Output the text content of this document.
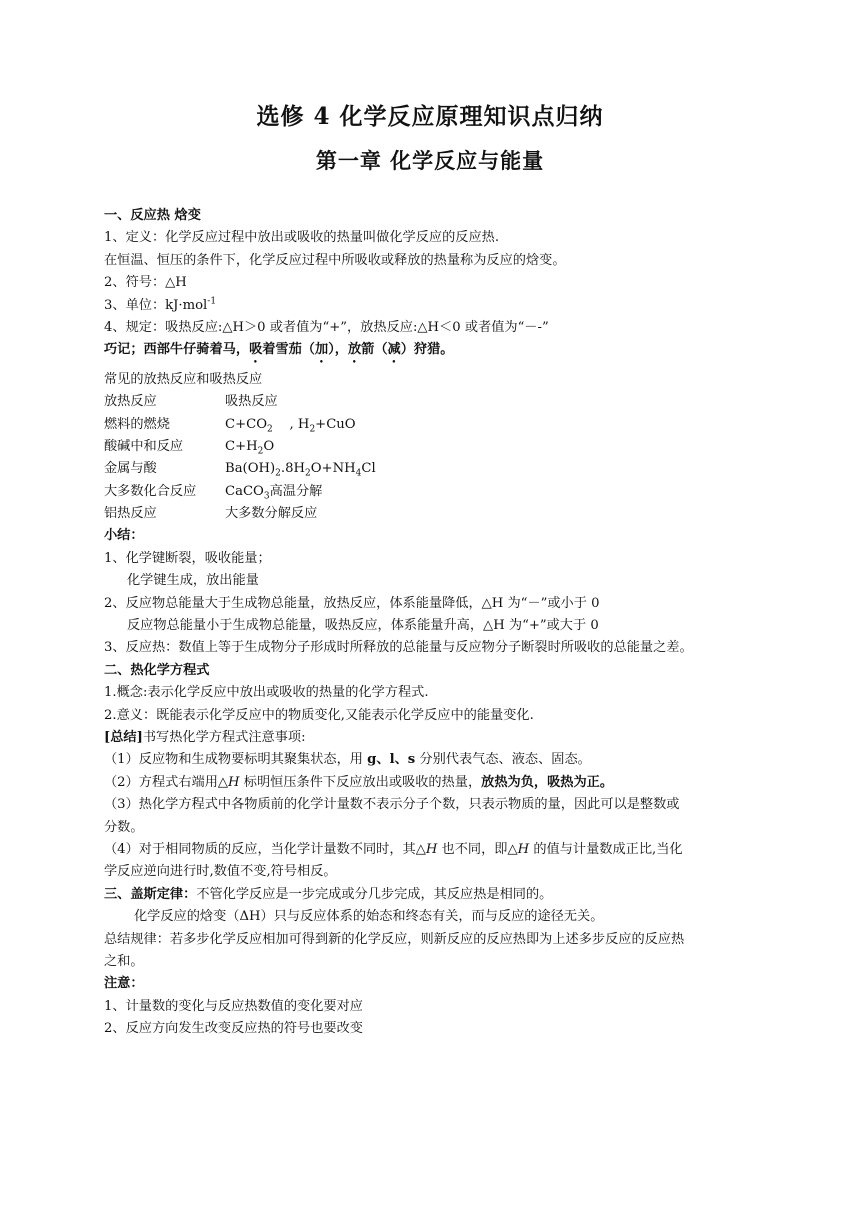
选修 4 化学反应原理知识点归纳
第一章 化学反应与能量
一、反应热 焓变
1、定义：化学反应过程中放出或吸收的热量叫做化学反应的反应热.
在恒温、恒压的条件下，化学反应过程中所吸收或释放的热量称为反应的焓变。
2、符号：△H
3、单位：kJ·mol$^{-1}$
4、规定：吸热反应:△H＞0 或者值为“+”，放热反应:△H＜0 或者值为“－-”
巧记；西部牛仔骑着马，吸着雪茄（加），放箭（减）狩猎。
常见的放热反应和吸热反应
放热反应	吸热反应
燃料的燃烧	$C+CO_2$    , $H_2+CuO$
酸碱中和反应	$C+H_2O$
金属与酸	$Ba(OH)_2.8H_2O+NH_4Cl$
大多数化合反应	CaCO$_3$高温分解
铝热反应	大多数分解反应
小结：
1、化学键断裂，吸收能量；
化学键生成，放出能量
2、反应物总能量大于生成物总能量，放热反应，体系能量降低，△H 为“－”或小于 0
反应物总能量小于生成物总能量，吸热反应，体系能量升高，△H 为“+”或大于 0
3、反应热：数值上等于生成物分子形成时所释放的总能量与反应物分子断裂时所吸收的总能量之差。
二、热化学方程式
1.概念:表示化学反应中放出或吸收的热量的化学方程式.
2.意义：既能表示化学反应中的物质变化,又能表示化学反应中的能量变化.
[总结]书写热化学方程式注意事项:
（1）反应物和生成物要标明其聚集状态，用 g、l、s 分别代表气态、液态、固态。
（2）方程式右端用△H 标明恒压条件下反应放出或吸收的热量，放热为负，吸热为正。
（3）热化学方程式中各物质前的化学计量数不表示分子个数，只表示物质的量，因此可以是整数或
分数。
（4）对于相同物质的反应，当化学计量数不同时，其△H 也不同，即△H 的值与计量数成正比,当化
学反应逆向进行时,数值不变,符号相反。
三、盖斯定律：不管化学反应是一步完成或分几步完成，其反应热是相同的。
化学反应的焓变（ΔH）只与反应体系的始态和终态有关，而与反应的途径无关。
总结规律：若多步化学反应相加可得到新的化学反应，则新反应的反应热即为上述多步反应的反应热
之和。
注意：
1、计量数的变化与反应热数值的变化要对应
2、反应方向发生改变反应热的符号也要改变
